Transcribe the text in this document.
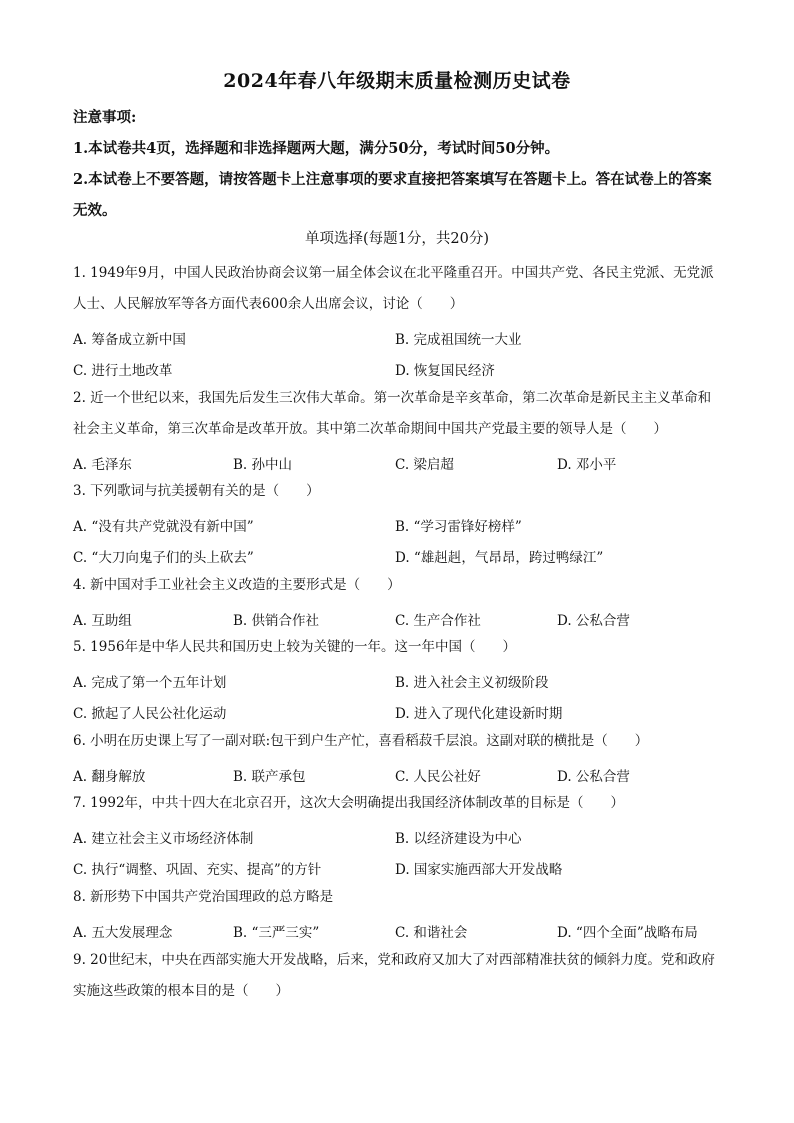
2024年春八年级期末质量检测历史试卷
注意事项:
1.本试卷共4页，选择题和非选择题两大题，满分50分，考试时间50分钟。
2.本试卷上不要答题，请按答题卡上注意事项的要求直接把答案填写在答题卡上。答在试卷上的答案无效。
单项选择(每题1分，共20分)
1. 1949年9月，中国人民政治协商会议第一届全体会议在北平隆重召开。中国共产党、各民主党派、无党派人士、人民解放军等各方面代表600余人出席会议，讨论（　　）
A. 筹备成立新中国	B. 完成祖国统一大业
C. 进行土地改革	D. 恢复国民经济
2. 近一个世纪以来，我国先后发生三次伟大革命。第一次革命是辛亥革命，第二次革命是新民主主义革命和社会主义革命，第三次革命是改革开放。其中第二次革命期间中国共产党最主要的领导人是（　　）
A. 毛泽东	B. 孙中山	C. 梁启超	D. 邓小平
3. 下列歌词与抗美援朝有关的是（　　）
A. “没有共产党就没有新中国”	B. “学习雷锋好榜样”
C. “大刀向鬼子们的头上砍去”	D. “雄赳赳，气昂昂，跨过鸭绿江”
4. 新中国对手工业社会主义改造的主要形式是（　　）
A. 互助组	B. 供销合作社	C. 生产合作社	D. 公私合营
5. 1956年是中华人民共和国历史上较为关键的一年。这一年中国（　　）
A. 完成了第一个五年计划	B. 进入社会主义初级阶段
C. 掀起了人民公社化运动	D. 进入了现代化建设新时期
6. 小明在历史课上写了一副对联:包干到户生产忙，喜看稻菽千层浪。这副对联的横批是（　　）
A. 翻身解放	B. 联产承包	C. 人民公社好	D. 公私合营
7. 1992年，中共十四大在北京召开，这次大会明确提出我国经济体制改革的目标是（　　）
A. 建立社会主义市场经济体制	B. 以经济建设为中心
C. 执行“调整、巩固、充实、提高”的方针	D. 国家实施西部大开发战略
8. 新形势下中国共产党治国理政的总方略是
A. 五大发展理念	B. “三严三实”	C. 和谐社会	D. “四个全面”战略布局
9. 20世纪末，中央在西部实施大开发战略，后来，党和政府又加大了对西部精准扶贫的倾斜力度。党和政府实施这些政策的根本目的是（　　）
